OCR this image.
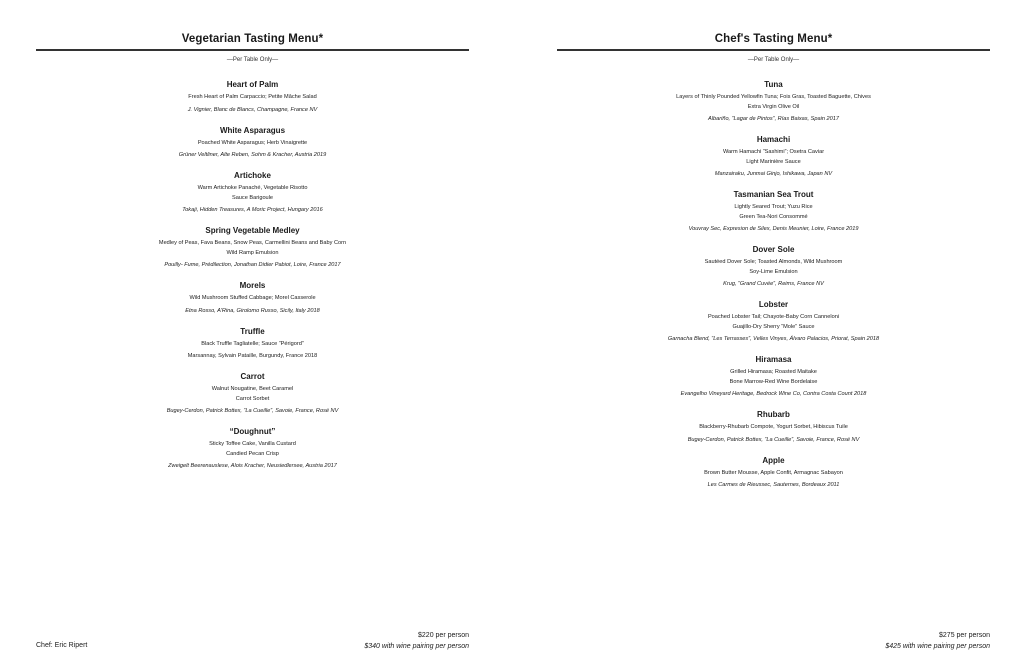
Vegetarian Tasting Menu*
—Per Table Only—
Heart of Palm
Fresh Heart of Palm Carpaccio; Petite Mâche Salad
J. Vignier, Blanc de Blancs, Champagne, France NV
White Asparagus
Poached White Asparagus; Herb Vinaigrette
Grüner Veltliner, Alte Reben, Sohm & Kracher, Austria 2019
Artichoke
Warm Artichoke Panaché, Vegetable Risotto
Sauce Barigoule
Tokaji, Hidden Treasures, A Moric Project, Hungary 2016
Spring Vegetable Medley
Medley of Peas, Fava Beans, Snow Peas, Carmellini Beans and Baby Corn
Wild Ramp Emulsion
Pouilly- Fume, Prédilection, Jonathan Didier Pabiot, Loire, France 2017
Morels
Wild Mushroom Stuffed Cabbage; Morel Casserole
Etna Rosso, A'Rina, Girolomo Russo, Sicily, Italy 2018
Truffle
Black Truffle Tagliatelle; Sauce “Périgord”
Marsannay, Sylvain Pataille, Burgundy, France 2018
Carrot
Walnut Nougatine, Beet Caramel
Carrot Sorbet
Bugey-Cerdon, Patrick Bottex, “La Cueille”, Savoie, France, Rosé NV
“Doughnut”
Sticky Toffee Cake, Vanilla Custard
Candied Pecan Crisp
Zweigelt Beerenauslese, Alois Kracher, Neusiedlersee, Austria 2017
Chef: Eric Ripert
$220 per person
$340 with wine pairing per person
Chef's Tasting Menu*
—Per Table Only—
Tuna
Layers of Thinly Pounded Yellowfin Tuna; Fois Gras, Toasted Baguette, Chives
Extra Virgin Olive Oil
Albariño, “Lagar de Pintos”, Rías Baixas, Spain 2017
Hamachi
Warm Hamachi “Sashimi”; Osetra Caviar
Light Marinière Sauce
Manzairaku, Junmai Ginjo, Ishikawa, Japan NV
Tasmanian Sea Trout
Lightly Seared Trout; Yuzu Rice
Green Tea-Nori Consommé
Vouvray Sec, Expresion de Silex, Denis Meunier, Loire, France 2019
Dover Sole
Sautéed Dover Sole; Toasted Almonds, Wild Mushroom
Soy-Lime Emulsion
Krug, “Grand Cuvée”, Reims, France NV
Lobster
Poached Lobster Tail; Chayote-Baby Corn Canneloni
Guajillo-Dry Sherry “Mole” Sauce
Garnacha Blend, “Les Terrasses”, Velles Vinyes, Álvaro Palacios, Priorat, Spain 2018
Hiramasa
Grilled Hiramasa; Roasted Maitake
Bone Marrow-Red Wine Bordelaise
Evangelho Vineyard Heritage, Bedrock Wine Co, Contra Costa Count 2018
Rhubarb
Blackberry-Rhubarb Compote, Yogurt Sorbet, Hibiscus Tuile
Bugey-Cerdon, Patrick Bottex, “La Cueille”, Savoie, France, Rosé NV
Apple
Brown Butter Mousse, Apple Confit, Armagnac Sabayon
Les Carmes de Rieussec, Sauternes, Bordeaux 2011
$275 per person
$425 with wine pairing per person
